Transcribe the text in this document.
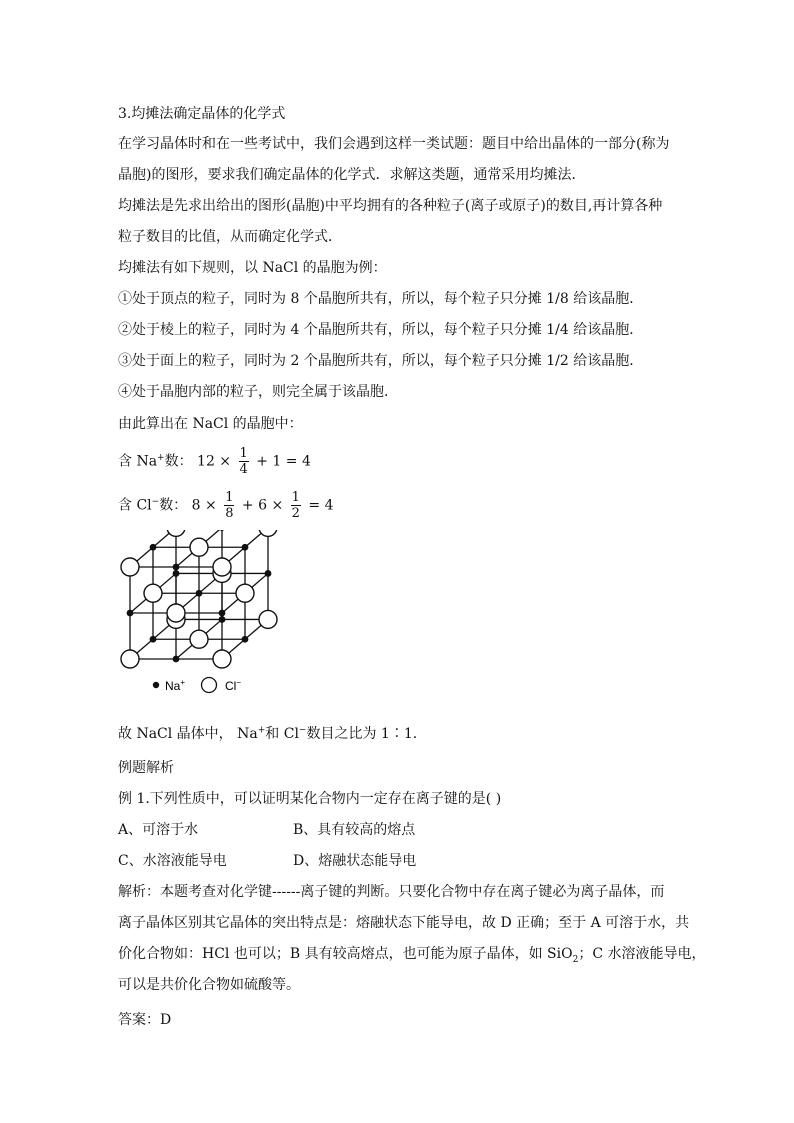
3.均摊法确定晶体的化学式
在学习晶体时和在一些考试中，我们会遇到这样一类试题：题目中给出晶体的一部分(称为
晶胞)的图形，要求我们确定晶体的化学式．求解这类题，通常采用均摊法．
均摊法是先求出给出的图形(晶胞)中平均拥有的各种粒子(离子或原子)的数目,再计算各种
粒子数目的比值，从而确定化学式．
均摊法有如下规则，以 NaCl 的晶胞为例：
①处于顶点的粒子，同时为 8 个晶胞所共有，所以，每个粒子只分摊 1/8 给该晶胞．
②处于棱上的粒子，同时为 4 个晶胞所共有，所以，每个粒子只分摊 1/4 给该晶胞．
③处于面上的粒子，同时为 2 个晶胞所共有，所以，每个粒子只分摊 1/2 给该晶胞．
④处于晶胞内部的粒子，则完全属于该晶胞．
由此算出在 NaCl 的晶胞中：
含 Na+数： $12 \times \frac{1}{4} + 1 = 4$
含 Cl−数： $8 \times \frac{1}{8} + 6 \times \frac{1}{2} = 4$
Na+	Cl−
故 NaCl 晶体中， Na+和 Cl−数目之比为 1∶1.
例题解析
例 1.下列性质中，可以证明某化合物内一定存在离子键的是( )
A、可溶于水	B、具有较高的熔点
C、水溶液能导电	D、熔融状态能导电
解析：本题考查对化学键------离子键的判断。只要化合物中存在离子键必为离子晶体，而
离子晶体区别其它晶体的突出特点是：熔融状态下能导电，故 D 正确；至于 A 可溶于水，共
价化合物如：HCl 也可以；B 具有较高熔点，也可能为原子晶体，如 SiO$_2$；C 水溶液能导电，
可以是共价化合物如硫酸等。
答案：D
